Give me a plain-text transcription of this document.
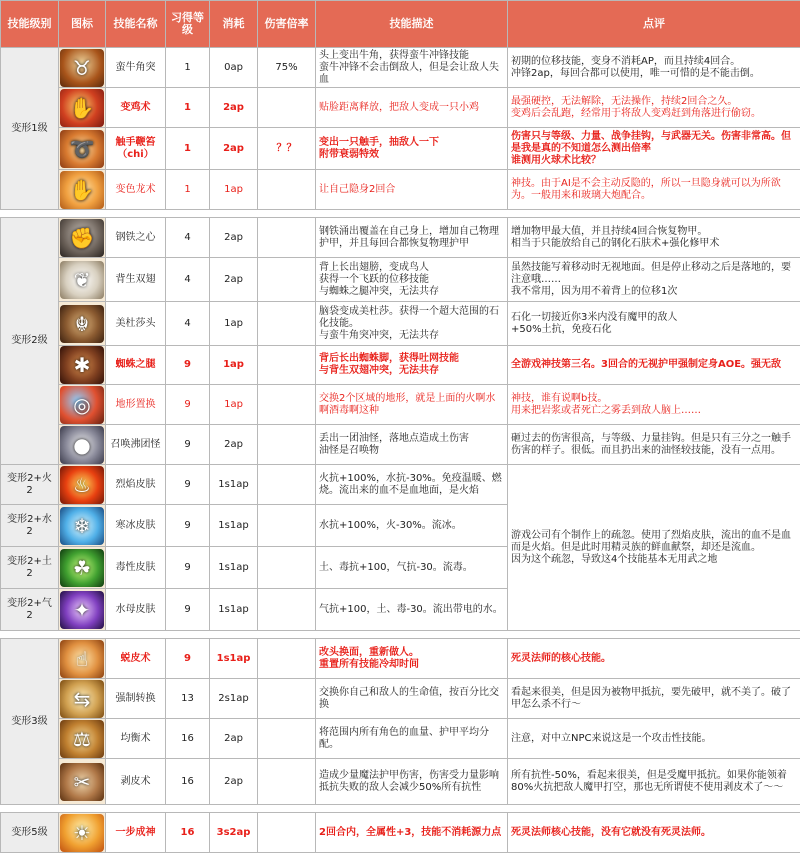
技能级别	图标	技能名称	习得等级	消耗	伤害倍率	技能描述	点评
变形1级	♉	蛮牛角突	1	0ap	75%	头上变出牛角，获得蛮牛冲锋技能
蛮牛冲锋不会击倒敌人，但是会让敌人失血	初期的位移技能，变身不消耗AP，而且持续4回合。
冲锋2ap，每回合都可以使用，唯一可惜的是不能击倒。
	✋	变鸡术	1	2ap		贴脸距离释放，把敌人变成一只小鸡	最强硬控，无法解除，无法操作，持续2回合之久。
变鸡后会乱跑，经常用于将敌人变鸡赶到角落进行偷窃。
	➰	触手鞭笞（chi）	1	2ap	？？	变出一只触手，抽敌人一下
附带衰弱特效	伤害只与等级、力量、战争挂钩，与武器无关。伤害非常高。但是我是真的不知道怎么测出倍率
谁测用火球术比较？
	✋	变色龙术	1	1ap		让自己隐身2回合	神技。由于AI是不会主动反隐的，所以一旦隐身就可以为所欲为。一般用来和玻璃大炮配合。

变形2级	✊	钢铁之心	4	2ap		钢铁涌出覆盖在自己身上，增加自己物理护甲，并且每回合都恢复物理护甲	增加物甲最大值，并且持续4回合恢复物甲。
相当于只能放给自己的钢化石肤术+强化修甲术
	❦	背生双翅	4	2ap		背上长出翅膀，变成鸟人
获得一个飞跃的位移技能
与蜘蛛之腿冲突，无法共存	虽然技能写着移动时无视地面。但是停止移动之后是落地的，要注意哦……
我不常用，因为用不着背上的位移1次
	☬	美杜莎头	4	1ap		脑袋变成美杜莎。获得一个超大范围的石化技能。
与蛮牛角突冲突，无法共存	石化一切接近你3米内没有魔甲的敌人
+50%土抗，免疫石化
	✱	蜘蛛之腿	9	1ap		背后长出蜘蛛脚，获得吐网技能
与背生双翅冲突，无法共存	全游戏神技第三名。3回合的无视护甲强制定身AOE。强无敌
	◎	地形置换	9	1ap		交换2个区域的地形，就是上面的火啊水啊酒毒啊这种	神技，谁有说啊b技。
用来把岩浆或者死亡之雾丢到敌人脑上……
	●	召唤沸团怪	9	2ap		丢出一团油怪，落地点造成土伤害
油怪是召唤物	砸过去的伤害很高，与等级、力量挂钩。但是只有三分之一触手伤害的样子。很低。而且扔出来的油怪较技能，没有一点用。
变形2+火2	♨	烈焰皮肤	9	1s1ap		火抗+100%，水抗-30%。免疫温暖、燃烧。流出来的血不是血地面，是火焰	游戏公司有个制作上的疏忽。使用了烈焰皮肤，流出的血不是血而是火焰。但是此时用精灵族的鲜血献祭，却还是流血。
因为这个疏忽，导致这4个技能基本无用武之地
变形2+水2	❄	寒冰皮肤	9	1s1ap		水抗+100%，火-30%。流冰。	
变形2+土2	☘	毒性皮肤	9	1s1ap		土、毒抗+100，气抗-30。流毒。	
变形2+气2	✦	水母皮肤	9	1s1ap		气抗+100，土、毒-30。流出带电的水。	

变形3级	☝	蜕皮术	9	1s1ap		改头换面，重新做人。
重置所有技能冷却时间	死灵法师的核心技能。
	⇆	强制转换	13	2s1ap		交换你自己和敌人的生命值，按百分比交换	看起来很美，但是因为被物甲抵抗，要先破甲，就不美了。破了甲怎么杀不行～
	⚖	均衡术	16	2ap		将范围内所有角色的血量、护甲平均分配。	注意，对中立NPC来说这是一个攻击性技能。
	✂	剥皮术	16	2ap		造成少量魔法护甲伤害，伤害受力量影响
抵抗失败的敌人会减少50%所有抗性	所有抗性-50%，看起来很美，但是受魔甲抵抗。如果你能领着80%火抗把敌人魔甲打空，那也无所谓使不使用剥皮术了～～

变形5级	☀	一步成神	16	3s2ap		2回合内，全属性+3，技能不消耗源力点	死灵法师核心技能，没有它就没有死灵法师。
